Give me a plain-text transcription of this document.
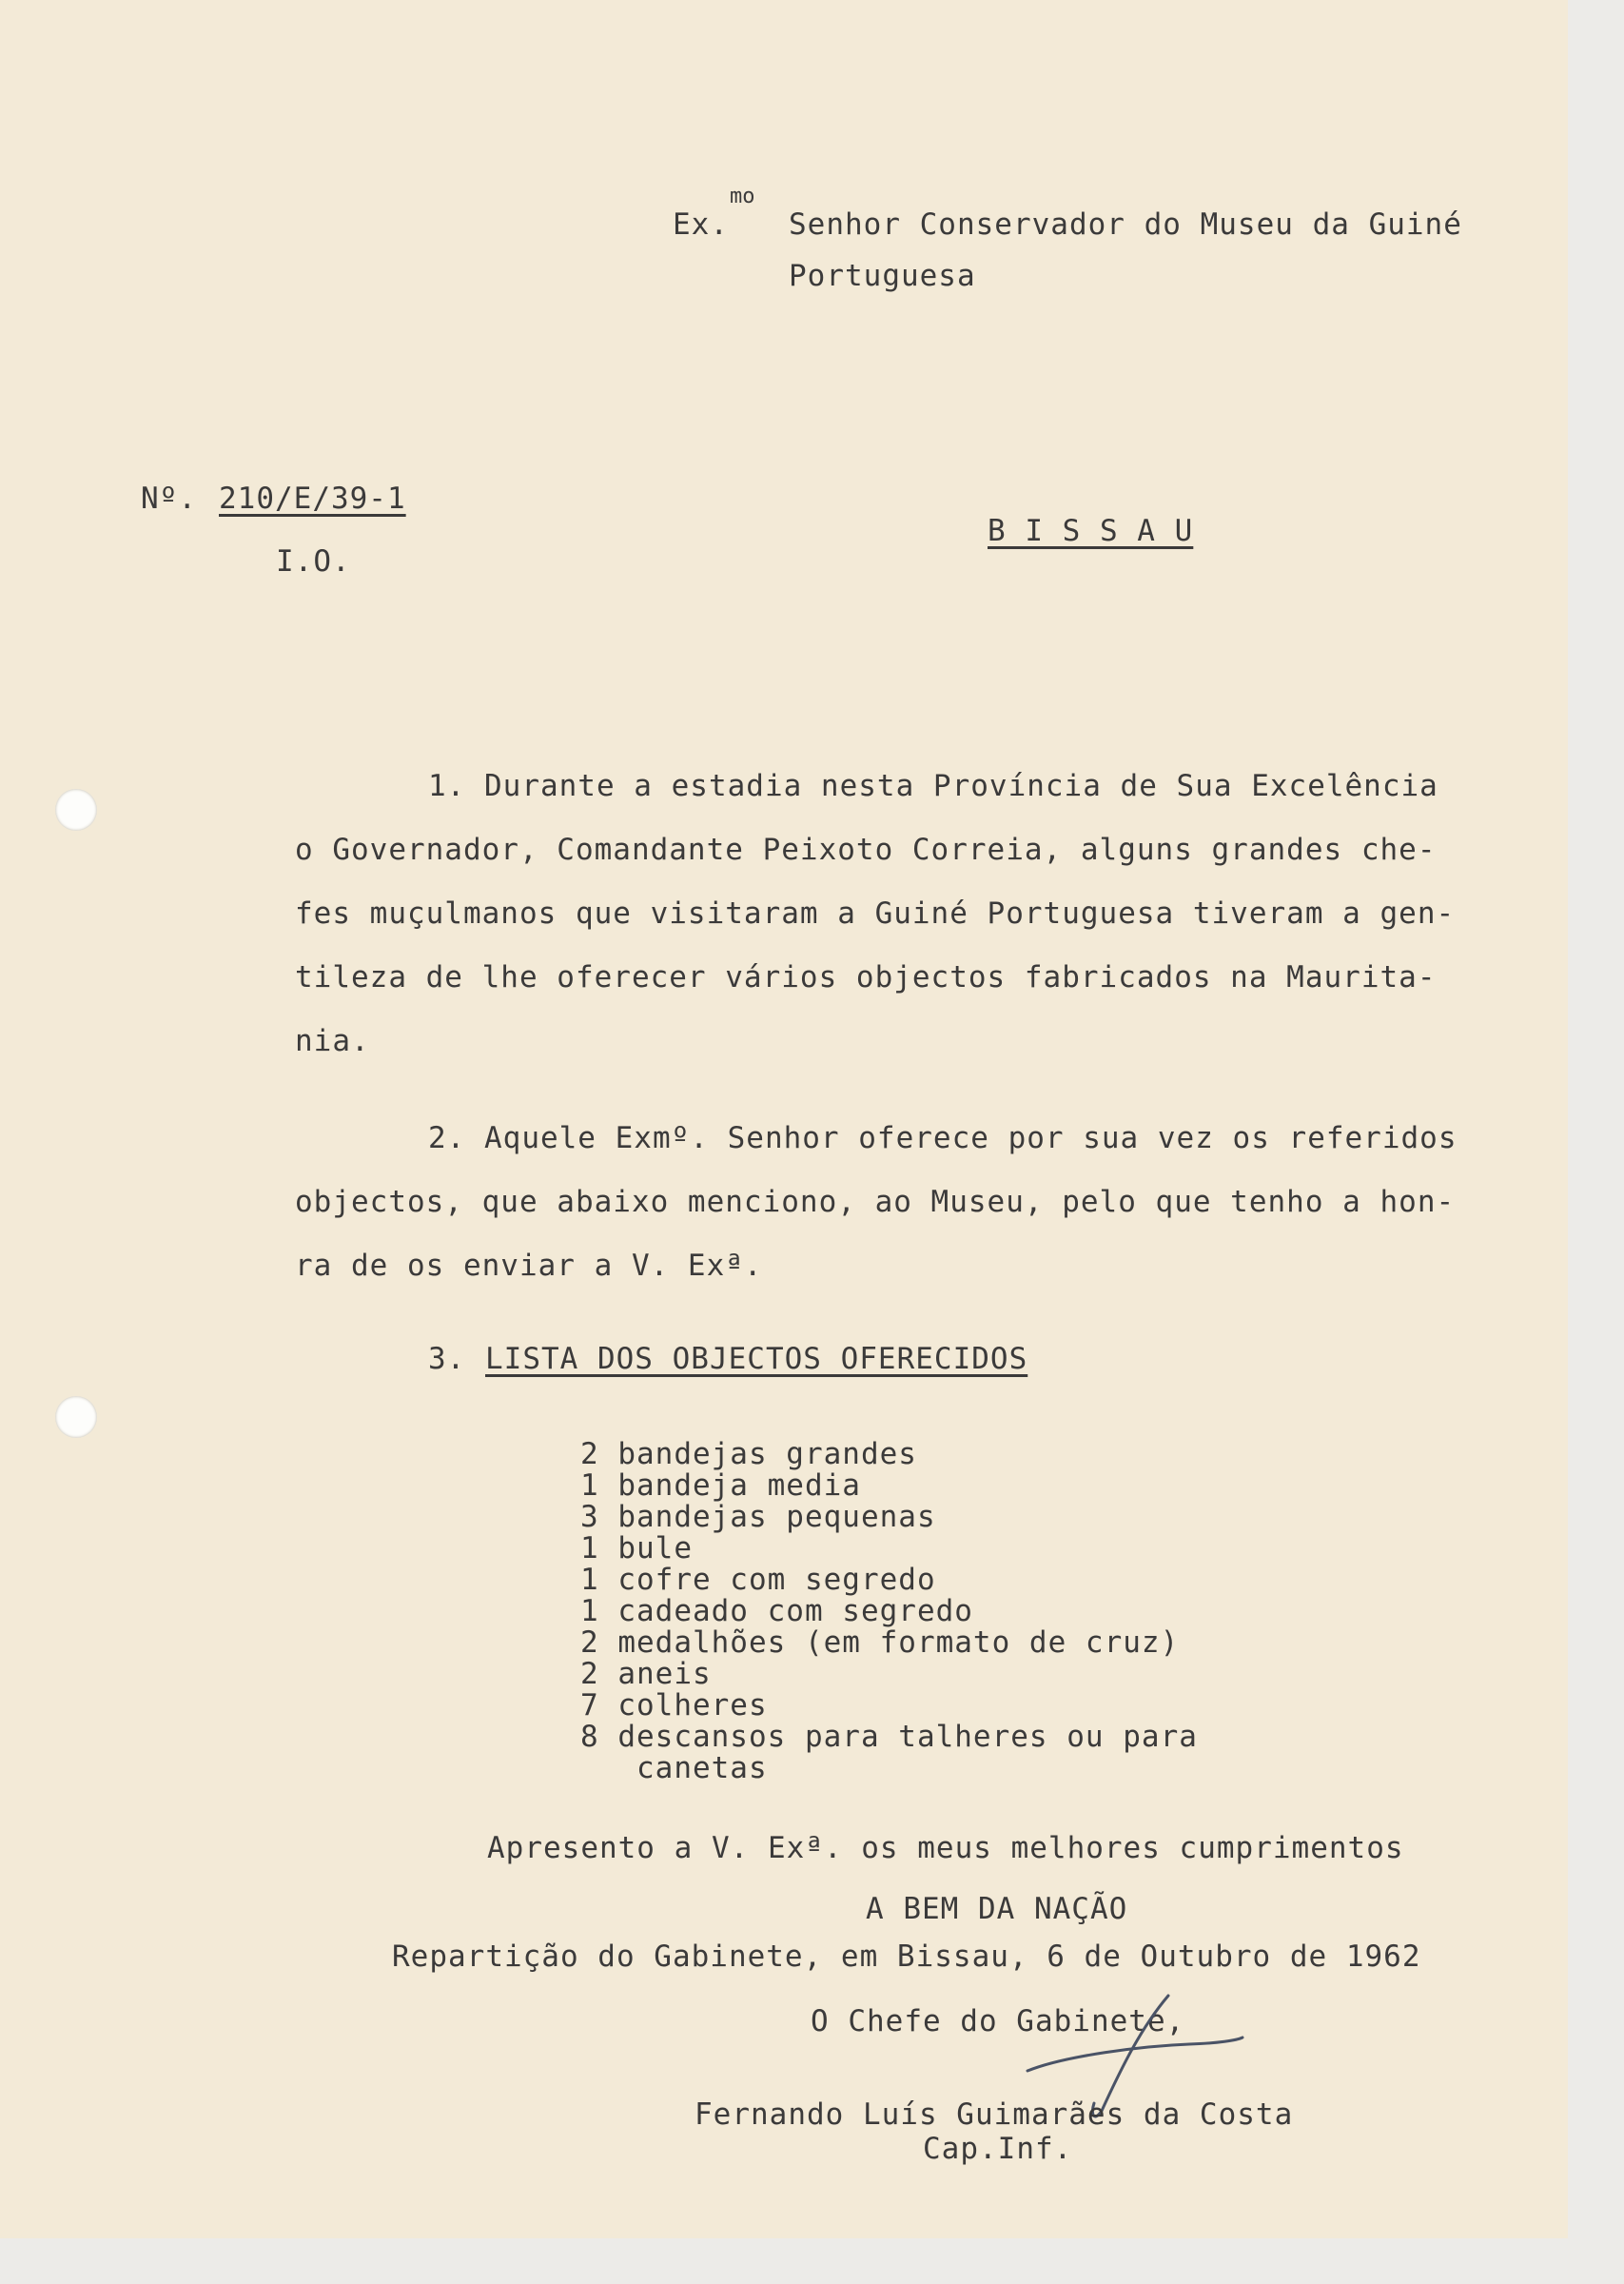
Ex.
mo
Senhor Conservador do Museu da Guiné
Portuguesa
Nº. 210/E/39-1
I.O.
B I S S A U
1. Durante a estadia nesta Província de Sua Excelência
o Governador, Comandante Peixoto Correia, alguns grandes che-
fes muçulmanos que visitaram a Guiné Portuguesa tiveram a gen-
tileza de lhe oferecer vários objectos fabricados na Maurita-
nia.
2. Aquele Exmº. Senhor oferece por sua vez os referidos
objectos, que abaixo menciono, ao Museu, pelo que tenho a hon-
ra de os enviar a V. Exª.
3. LISTA DOS OBJECTOS OFERECIDOS
2 bandejas grandes
1 bandeja media
3 bandejas pequenas
1 bule
1 cofre com segredo
1 cadeado com segredo
2 medalhões (em formato de cruz)
2 aneis
7 colheres
8 descansos para talheres ou para
canetas
Apresento a V. Exª. os meus melhores cumprimentos
A BEM DA NAÇÃO
Repartição do Gabinete, em Bissau, 6 de Outubro de 1962
O Chefe do Gabinete,
Fernando Luís Guimarães da Costa
Cap.Inf.
